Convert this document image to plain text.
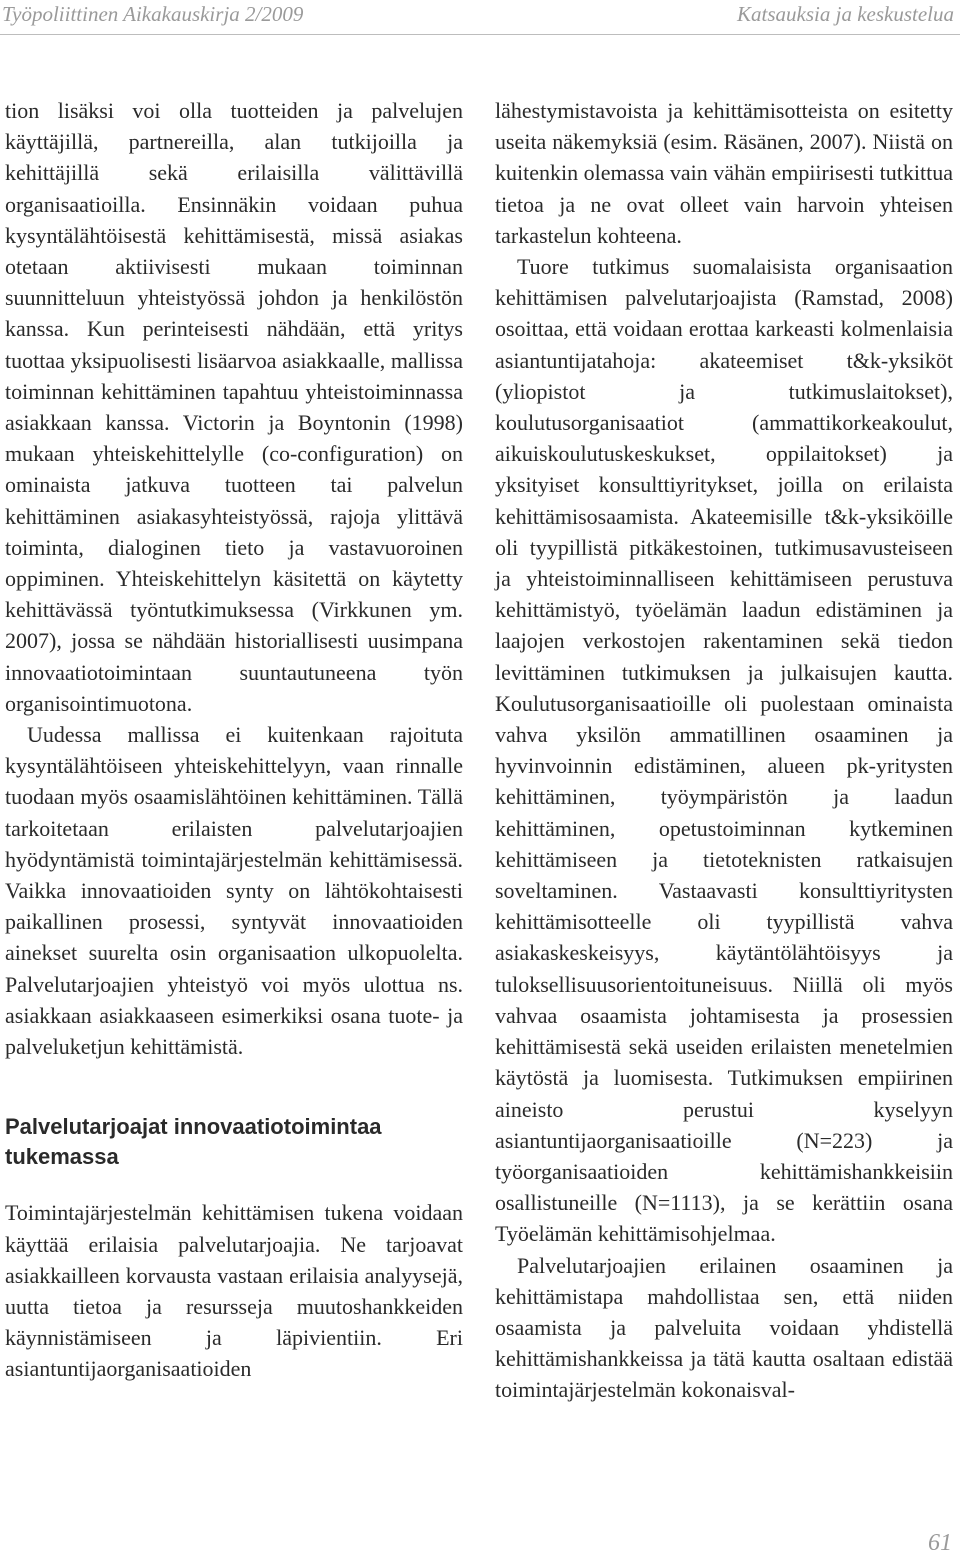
Työpoliittinen Aikakauskirja 2/2009	Katsauksia ja keskustelua

tion lisäksi voi olla tuotteiden ja palvelujen käyttäjillä, partnereilla, alan tutkijoilla ja kehittäjillä sekä erilaisilla välittävillä organisaatioilla. Ensinnäkin voidaan puhua kysyntälähtöisestä kehittämisestä, missä asiakas otetaan aktiivisesti mukaan toiminnan suunnitteluun yhteistyössä johdon ja henkilöstön kanssa. Kun perinteisesti nähdään, että yritys tuottaa yksipuolisesti lisäarvoa asiakkaalle, mallissa toiminnan kehittäminen tapahtuu yhteistoiminnassa asiakkaan kanssa. Victorin ja Boyntonin (1998) mukaan yhteiskehittelylle (co-configuration) on ominaista jatkuva tuotteen tai palvelun kehittäminen asiakasyhteistyössä, rajoja ylittävä toiminta, dialoginen tieto ja vastavuoroinen oppiminen. Yhteiskehittelyn käsitettä on käytetty kehittävässä työntutkimuksessa (Virkkunen ym. 2007), jossa se nähdään historiallisesti uusimpana innovaatiotoimintaan suuntautuneena työn organisointimuotona.

Uudessa mallissa ei kuitenkaan rajoituta kysyntälähtöiseen yhteiskehittelyyn, vaan rinnalle tuodaan myös osaamislähtöinen kehittäminen. Tällä tarkoitetaan erilaisten palvelutarjoajien hyödyntämistä toimintajärjestelmän kehittämisessä. Vaikka innovaatioiden synty on lähtökohtaisesti paikallinen prosessi, syntyvät innovaatioiden ainekset suurelta osin organisaation ulkopuolelta. Palvelutarjoajien yhteistyö voi myös ulottua ns. asiakkaan asiakkaaseen esimerkiksi osana tuote- ja palveluketjun kehittämistä.

Palvelutarjoajat innovaatiotoimintaa tukemassa

Toimintajärjestelmän kehittämisen tukena voidaan käyttää erilaisia palvelutarjoajia. Ne tarjoavat asiakkailleen korvausta vastaan erilaisia analyysejä, uutta tietoa ja resursseja muutoshankkeiden käynnistämiseen ja läpivientiin. Eri asiantuntijaorganisaatioiden

lähestymistavoista ja kehittämisotteista on esitetty useita näkemyksiä (esim. Räsänen, 2007). Niistä on kuitenkin olemassa vain vähän empiirisesti tutkittua tietoa ja ne ovat olleet vain harvoin yhteisen tarkastelun kohteena.

Tuore tutkimus suomalaisista organisaation kehittämisen palvelutarjoajista (Ramstad, 2008) osoittaa, että voidaan erottaa karkeasti kolmenlaisia asiantuntijatahoja: akateemiset t&k-yksiköt (yliopistot ja tutkimuslaitokset), koulutusorganisaatiot (ammattikorkeakoulut, aikuiskoulutuskeskukset, oppilaitokset) ja yksityiset konsulttiyritykset, joilla on erilaista kehittämisosaamista. Akateemisille t&k-yksiköille oli tyypillistä pitkäkestoinen, tutkimusavusteiseen ja yhteistoiminnalliseen kehittämiseen perustuva kehittämistyö, työelämän laadun edistäminen ja laajojen verkostojen rakentaminen sekä tiedon levittäminen tutkimuksen ja julkaisujen kautta. Koulutusorganisaatioille oli puolestaan ominaista vahva yksilön ammatillinen osaaminen ja hyvinvoinnin edistäminen, alueen pk-yritysten kehittäminen, työympäristön ja laadun kehittäminen, opetustoiminnan kytkeminen kehittämiseen ja tietoteknisten ratkaisujen soveltaminen. Vastaavasti konsulttiyritysten kehittämisotteelle oli tyypillistä vahva asiakaskeskeisyys, käytäntölähtöisyys ja tuloksellisuusorientoituneisuus. Niillä oli myös vahvaa osaamista johtamisesta ja prosessien kehittämisestä sekä useiden erilaisten menetelmien käytöstä ja luomisesta. Tutkimuksen empiirinen aineisto perustui kyselyyn asiantuntijaorganisaatioille (N=223) ja työorganisaatioiden kehittämishankkeisiin osallistuneille (N=1113), ja se kerättiin osana Työelämän kehittämisohjelmaa.

Palvelutarjoajien erilainen osaaminen ja kehittämistapa mahdollistaa sen, että niiden osaamista ja palveluita voidaan yhdistellä kehittämishankkeissa ja tätä kautta osaltaan edistää toimintajärjestelmän kokonaisval-

61
